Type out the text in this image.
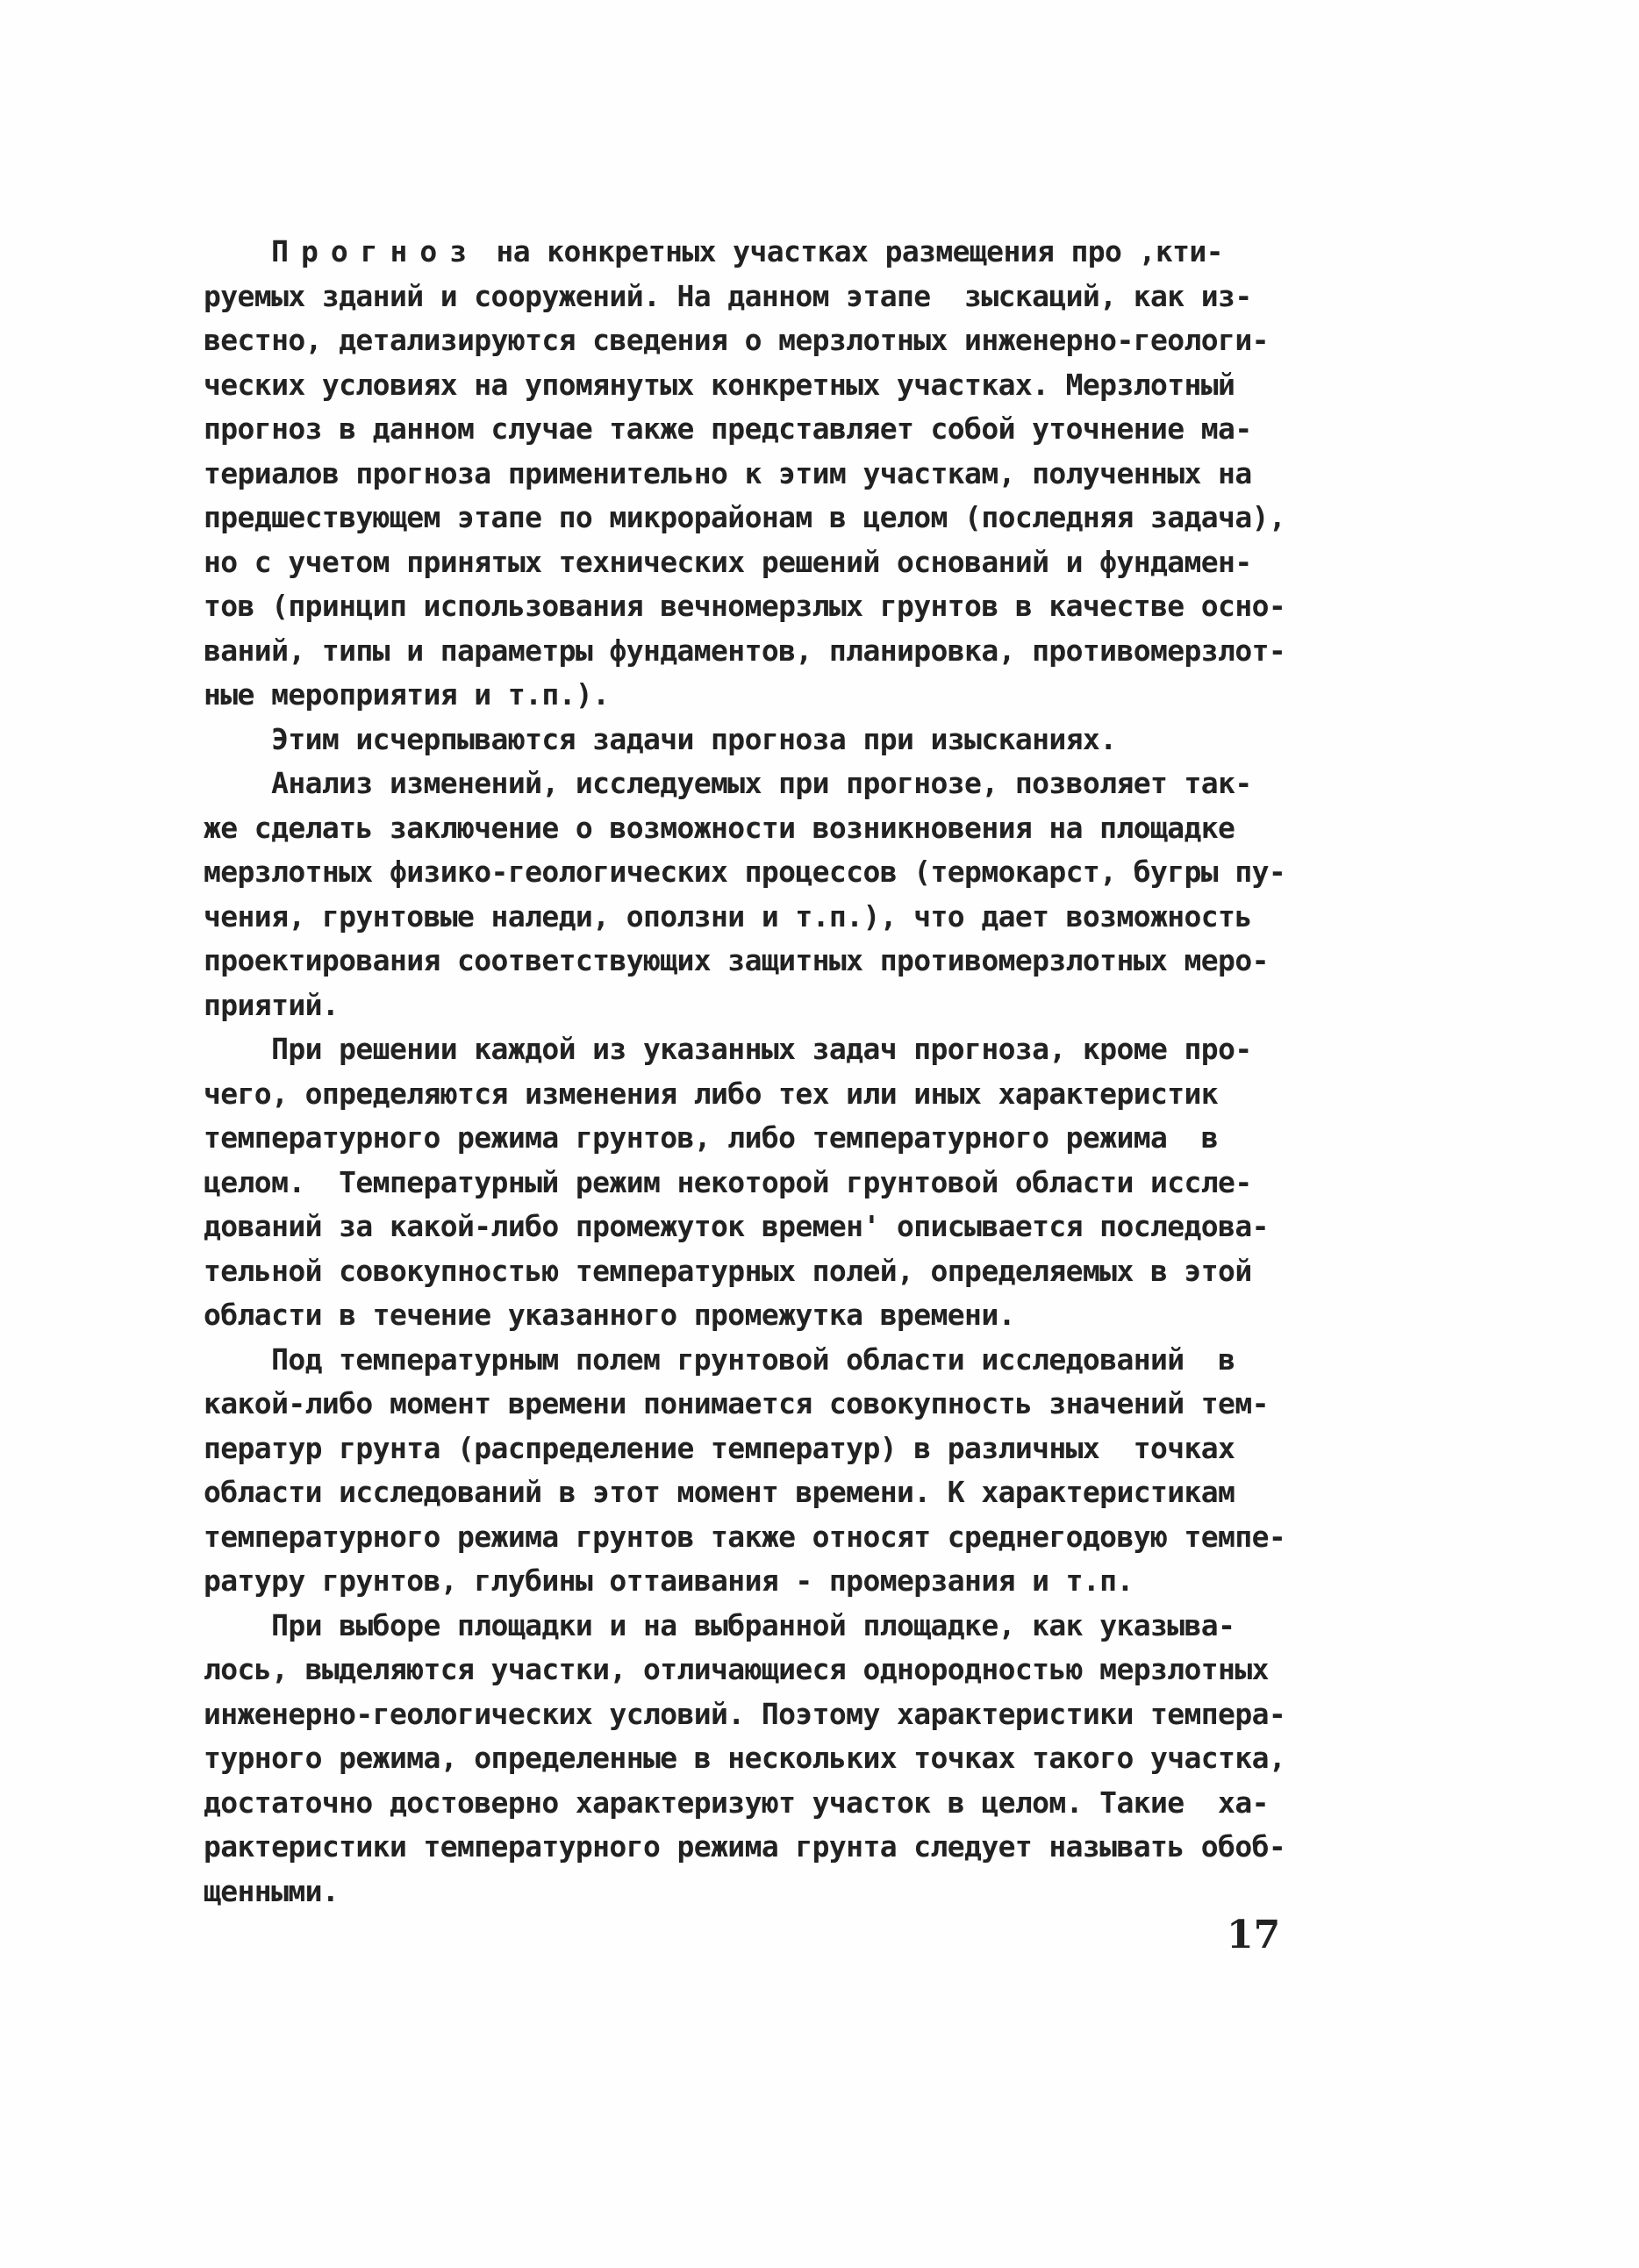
Прогноз на конкретных участках размещения про ,кти-
руемых зданий и сооружений. На данном этапе  зыскаций, как из-
вестно, детализируются сведения о мерзлотных инженерно-геологи-
ческих условиях на упомянутых конкретных участках. Мерзлотный
прогноз в данном случае также представляет собой уточнение ма-
териалов прогноза применительно к этим участкам, полученных на
предшествующем этапе по микрорайонам в целом (последняя задача),
но с учетом принятых технических решений оснований и фундамен-
тов (принцип использования вечномерзлых грунтов в качестве осно-
ваний, типы и параметры фундаментов, планировка, противомерзлот-
ные мероприятия и т.п.).
Этим исчерпываются задачи прогноза при изысканиях.
Анализ изменений, исследуемых при прогнозе, позволяет так-
же сделать заключение о возможности возникновения на площадке
мерзлотных физико-геологических процессов (термокарст, бугры пу-
чения, грунтовые наледи, оползни и т.п.), что дает возможность
проектирования соответствующих защитных противомерзлотных меро-
приятий.
При решении каждой из указанных задач прогноза, кроме про-
чего, определяются изменения либо тех или иных характеристик
температурного режима грунтов, либо температурного режима  в
целом.  Температурный режим некоторой грунтовой области иссле-
дований за какой-либо промежуток времен' описывается последова-
тельной совокупностью температурных полей, определяемых в этой
области в течение указанного промежутка времени.
Под температурным полем грунтовой области исследований  в
какой-либо момент времени понимается совокупность значений тем-
ператур грунта (распределение температур) в различных  точках
области исследований в этот момент времени. К характеристикам
температурного режима грунтов также относят среднегодовую темпе-
ратуру грунтов, глубины оттаивания - промерзания и т.п.
При выборе площадки и на выбранной площадке, как указыва-
лось, выделяются участки, отличающиеся однородностью мерзлотных
инженерно-геологических условий. Поэтому характеристики темпера-
турного режима, определенные в нескольких точках такого участка,
достаточно достоверно характеризуют участок в целом. Такие  ха-
рактеристики температурного режима грунта следует называть обоб-
щенными.
17
